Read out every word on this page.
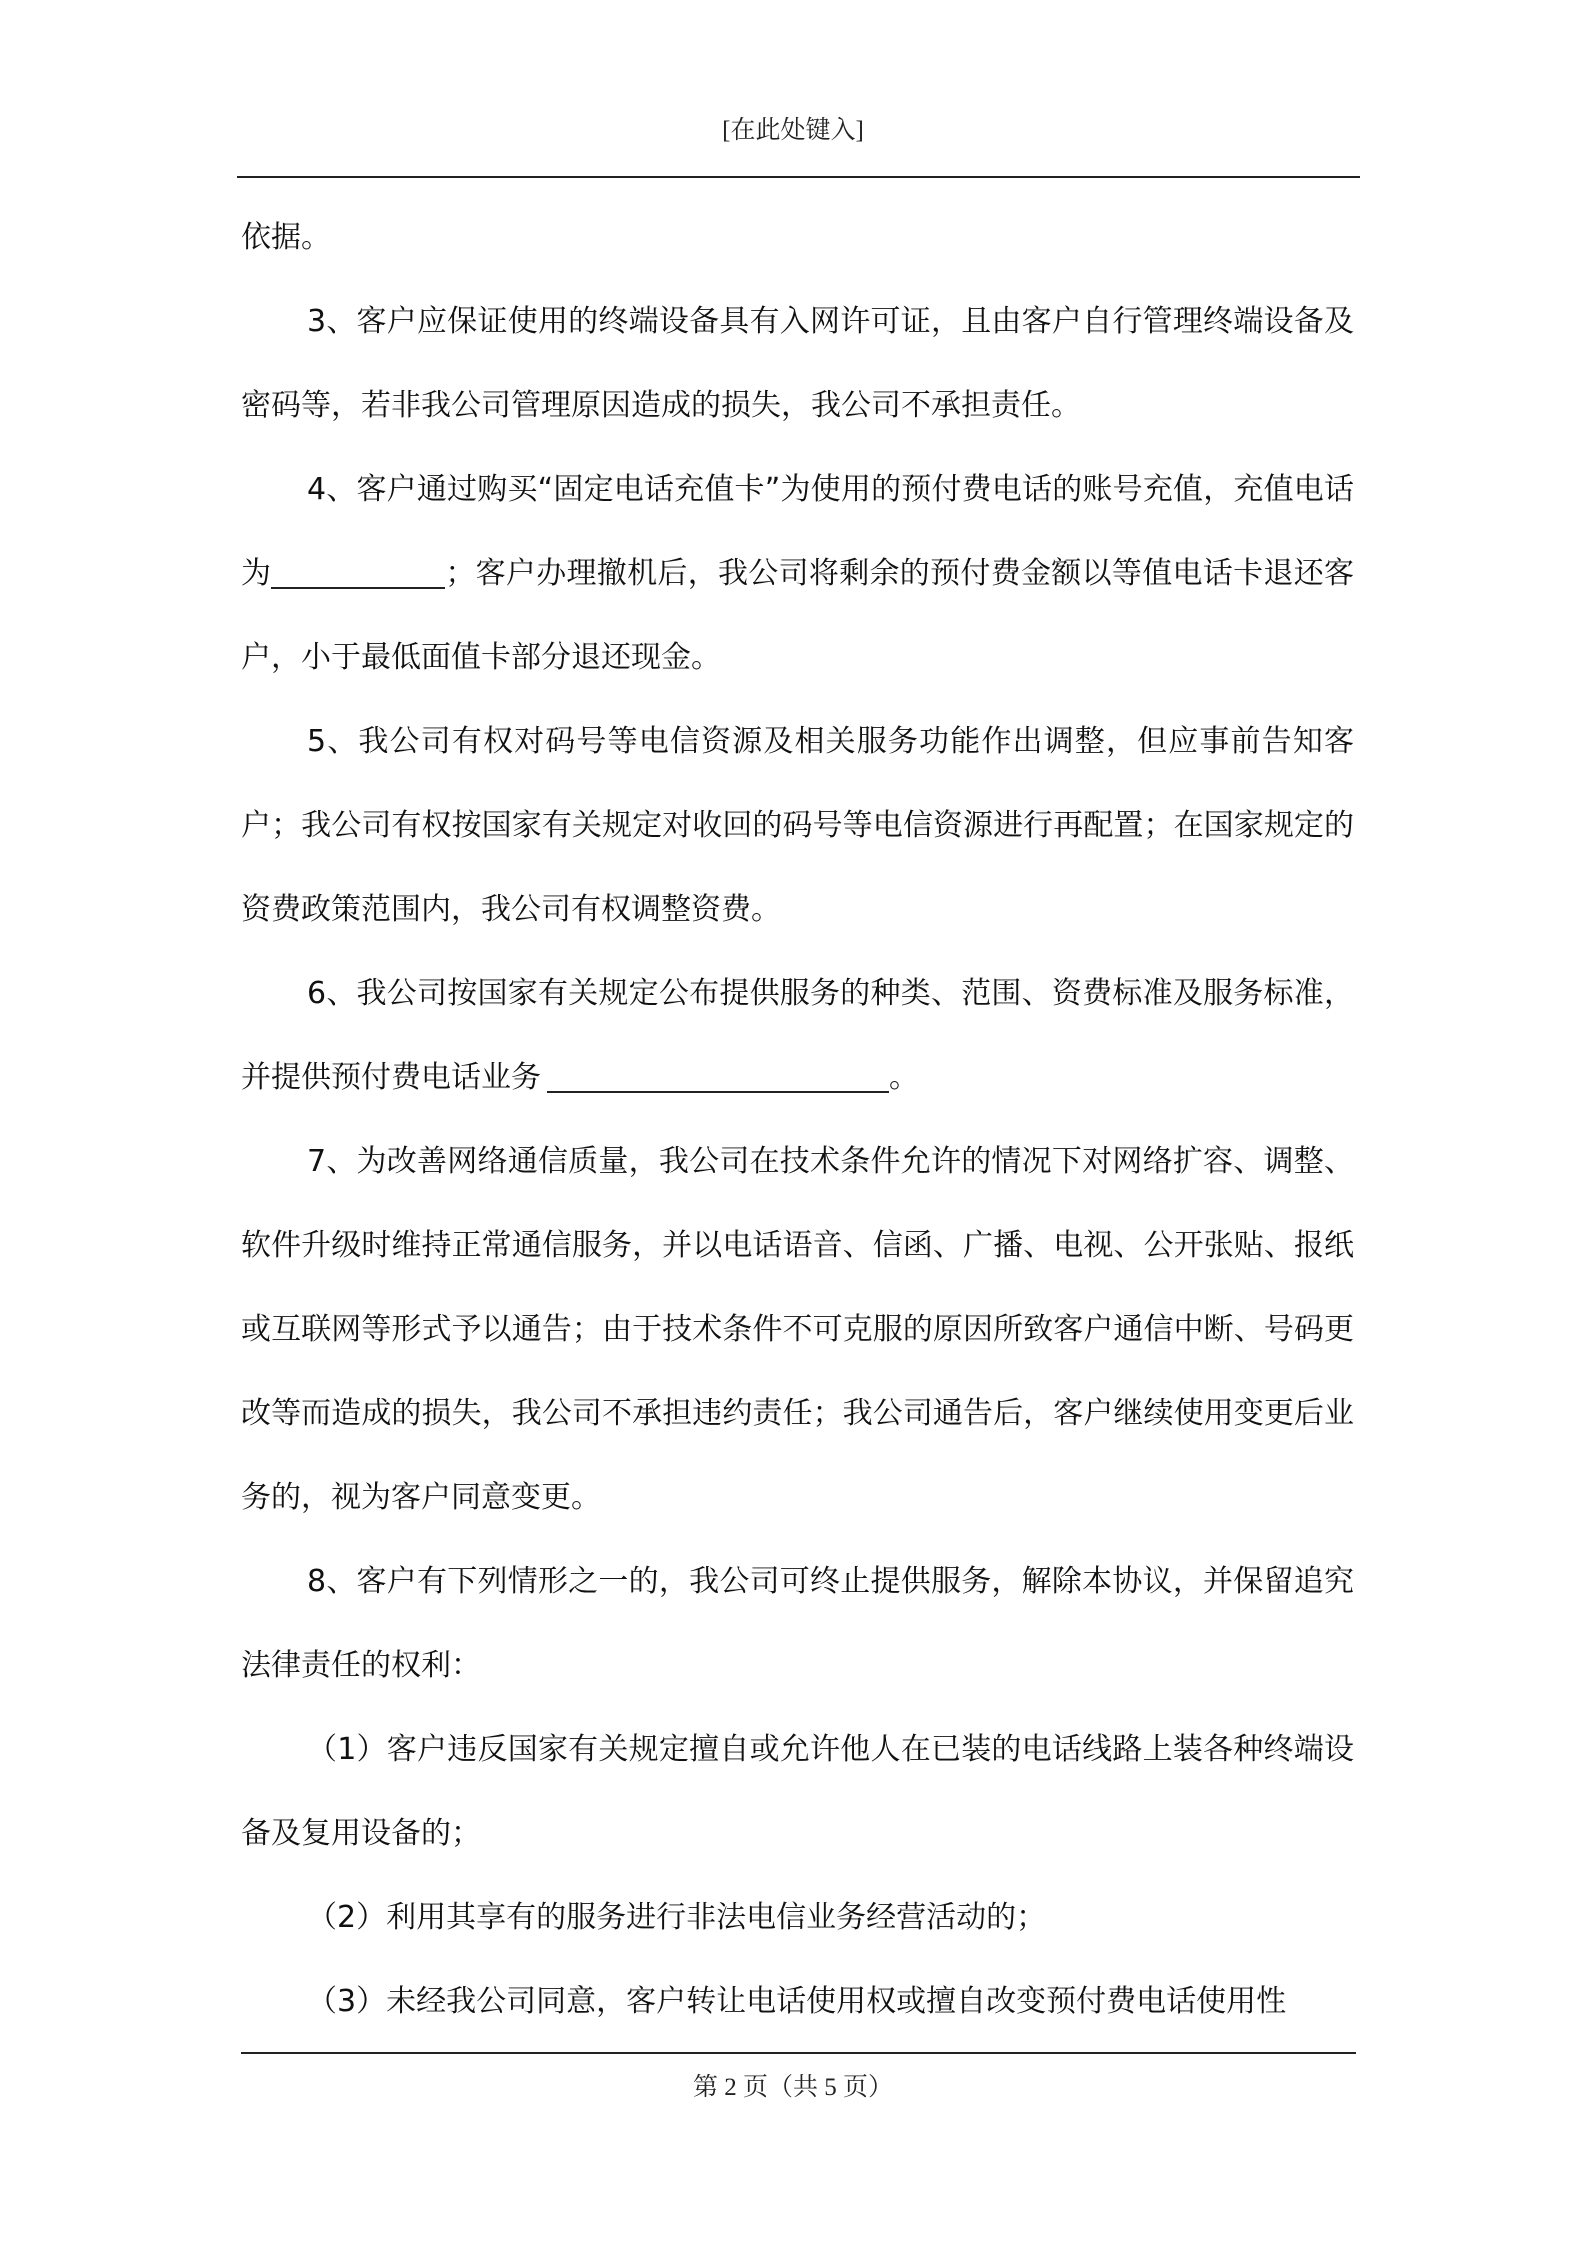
[在此处键入]

依据。

3、客户应保证使用的终端设备具有入网许可证，且由客户自行管理终端设备及密码等，若非我公司管理原因造成的损失，我公司不承担责任。

4、客户通过购买“固定电话充值卡”为使用的预付费电话的账号充值，充值电话为	；客户办理撤机后，我公司将剩余的预付费金额以等值电话卡退还客户，小于最低面值卡部分退还现金。

5、我公司有权对码号等电信资源及相关服务功能作出调整，但应事前告知客户；我公司有权按国家有关规定对收回的码号等电信资源进行再配置；在国家规定的资费政策范围内，我公司有权调整资费。

6、我公司按国家有关规定公布提供服务的种类、范围、资费标准及服务标准，并提供预付费电话业务	。

7、为改善网络通信质量，我公司在技术条件允许的情况下对网络扩容、调整、软件升级时维持正常通信服务，并以电话语音、信函、广播、电视、公开张贴、报纸或互联网等形式予以通告；由于技术条件不可克服的原因所致客户通信中断、号码更改等而造成的损失，我公司不承担违约责任；我公司通告后，客户继续使用变更后业务的，视为客户同意变更。

8、客户有下列情形之一的，我公司可终止提供服务，解除本协议，并保留追究法律责任的权利：

（1）客户违反国家有关规定擅自或允许他人在已装的电话线路上装各种终端设备及复用设备的；

（2）利用其享有的服务进行非法电信业务经营活动的；

（3）未经我公司同意，客户转让电话使用权或擅自改变预付费电话使用性

第 2 页（共 5 页）
